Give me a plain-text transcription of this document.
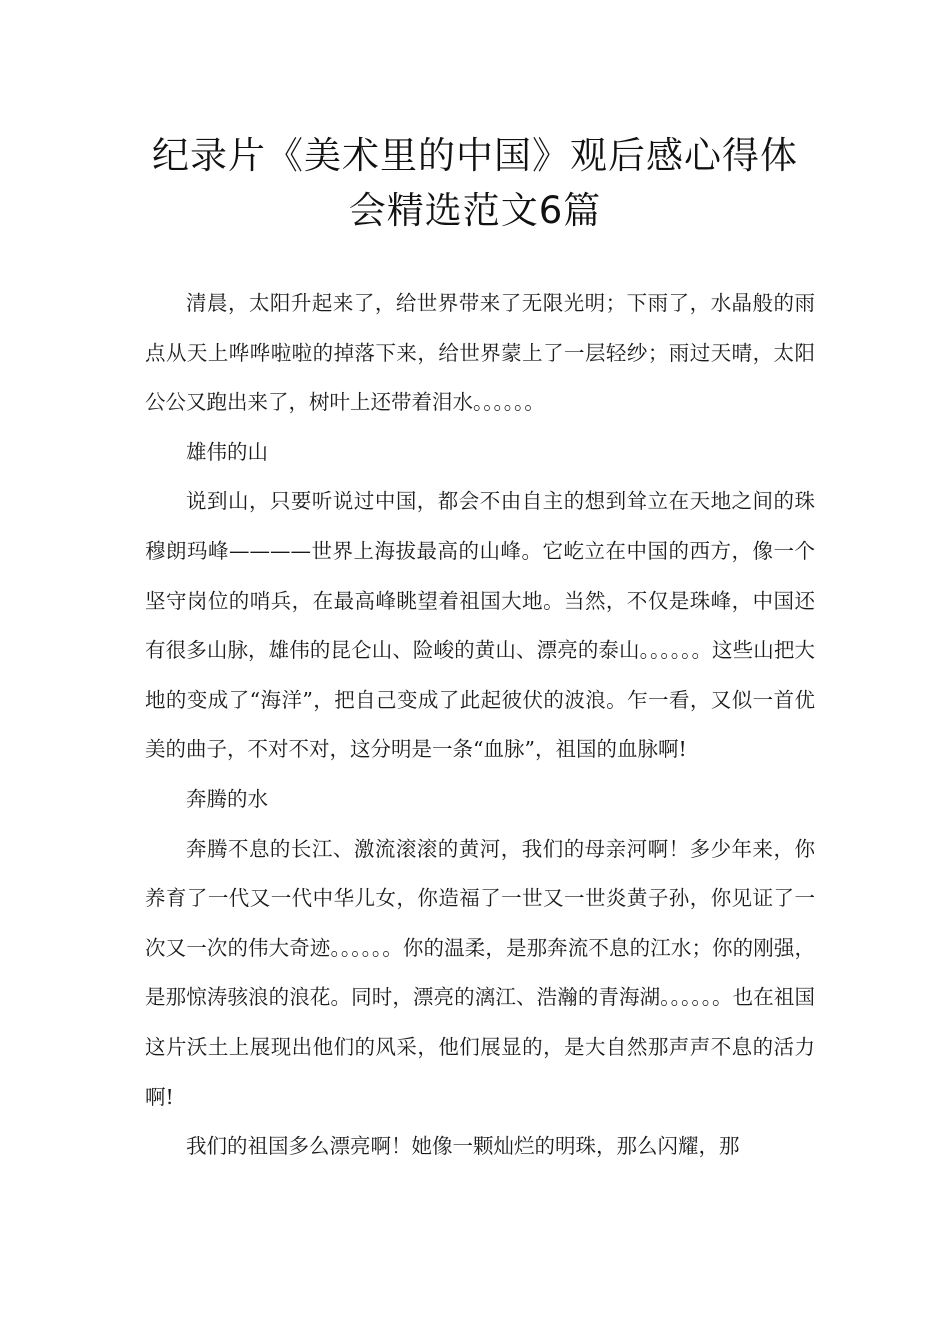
纪录片《美术里的中国》观后感心得体
会精选范文6篇

清晨，太阳升起来了，给世界带来了无限光明；下雨了，水晶般的雨点从天上哗哗啦啦的掉落下来，给世界蒙上了一层轻纱；雨过天晴，太阳公公又跑出来了，树叶上还带着泪水。。。。。。

雄伟的山

说到山，只要听说过中国，都会不由自主的想到耸立在天地之间的珠穆朗玛峰————世界上海拔最高的山峰。它屹立在中国的西方，像一个坚守岗位的哨兵，在最高峰眺望着祖国大地。当然，不仅是珠峰，中国还有很多山脉，雄伟的昆仑山、险峻的黄山、漂亮的泰山。。。。。。这些山把大地的变成了“海洋”，把自己变成了此起彼伏的波浪。乍一看，又似一首优美的曲子，不对不对，这分明是一条“血脉”，祖国的血脉啊!

奔腾的水

奔腾不息的长江、激流滚滚的黄河，我们的母亲河啊！多少年来，你养育了一代又一代中华儿女，你造福了一世又一世炎黄子孙，你见证了一次又一次的伟大奇迹。。。。。。你的温柔，是那奔流不息的江水；你的刚强，是那惊涛骇浪的浪花。同时，漂亮的漓江、浩瀚的青海湖。。。。。。也在祖国这片沃土上展现出他们的风采，他们展显的，是大自然那声声不息的活力啊!

我们的祖国多么漂亮啊！她像一颗灿烂的明珠，那么闪耀，那
